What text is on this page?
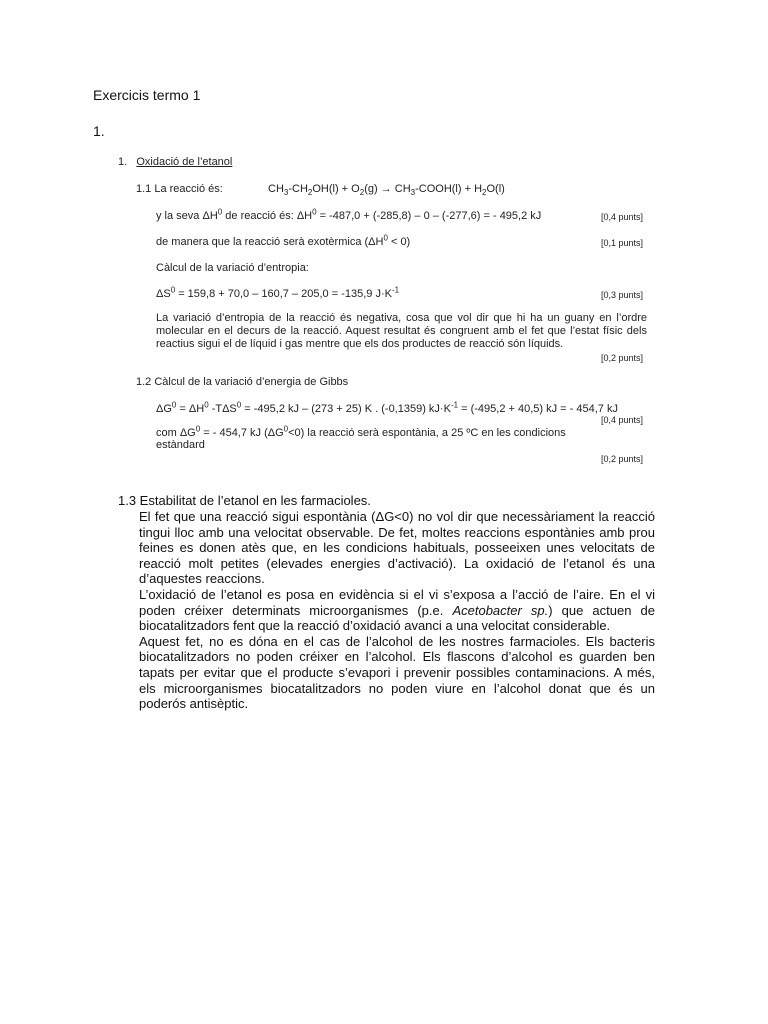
Exercicis termo 1
1.
1. Oxidació de l’etanol
1.1 La reacció és:	$CH_3-CH_2OH(l) + O_2(g)$ → $CH_3-COOH(l) + H_2O(l)$
y la seva $\Delta H^0$ de reacció és: $\Delta H^0 = -487,0 + (-285,8) - 0 - (-277,6)$ = - 495,2 kJ	[0,4 punts]
de manera que la reacció serà exotèrmica $(\Delta H^0 < 0)$	[0,1 punts]
Càlcul de la variació d’entropia:
$\Delta S^0 = 159,8 + 70,0 - 160,7 - 205,0 = -135,9$ $J\cdot K^{-1}$
[0,3 punts]
La variació d’entropia de la reacció és negativa, cosa que vol dir que hi ha un guany en l’ordre molecular en el decurs de la reacció. Aquest resultat és congruent amb el fet que l’estat físic dels reactius sigui el de líquid i gas mentre que els dos productes de reacció són líquids.
[0,2 punts]
1.2 Càlcul de la variació d’energia de Gibbs
$\Delta G^0 = \Delta H^0$ $-T\Delta S^0 = -495,2$ kJ – (273 + 25) K . (-0,1359) $kJ\cdot K^{-1} = (-495,2 + 40,5)$ kJ = - 454,7 kJ
[0,4 punts]
com $\Delta G^0$ = - 454,7 kJ $(\Delta G^0<0)$ la reacció serà espontània, a 25 ºC en les condicions
estàndard
[0,2 punts]
1.3 Estabilitat de l’etanol en les farmacioles.
El fet que una reacció sigui espontània (ΔG<0) no vol dir que necessàriament la reacció tingui lloc amb una velocitat observable. De fet, moltes reaccions espontànies amb prou feines es donen atès que, en les condicions habituals, posseeixen unes velocitats de reacció molt petites (elevades energies d’activació). La oxidació de l’etanol és una d’aquestes reaccions.
L’oxidació de l’etanol es posa en evidència si el vi s’exposa a l’acció de l’aire. En el vi poden créixer determinats microorganismes (p.e. Acetobacter sp.) que actuen de biocatalitzadors fent que la reacció d’oxidació avanci a una velocitat considerable.
Aquest fet, no es dóna en el cas de l’alcohol de les nostres farmacioles. Els bacteris biocatalitzadors no poden créixer en l’alcohol. Els flascons d’alcohol es guarden ben tapats per evitar que el producte s’evapori i prevenir possibles contaminacions. A més, els microorganismes biocatalitzadors no poden viure en l’alcohol donat que és un poderós antisèptic.
